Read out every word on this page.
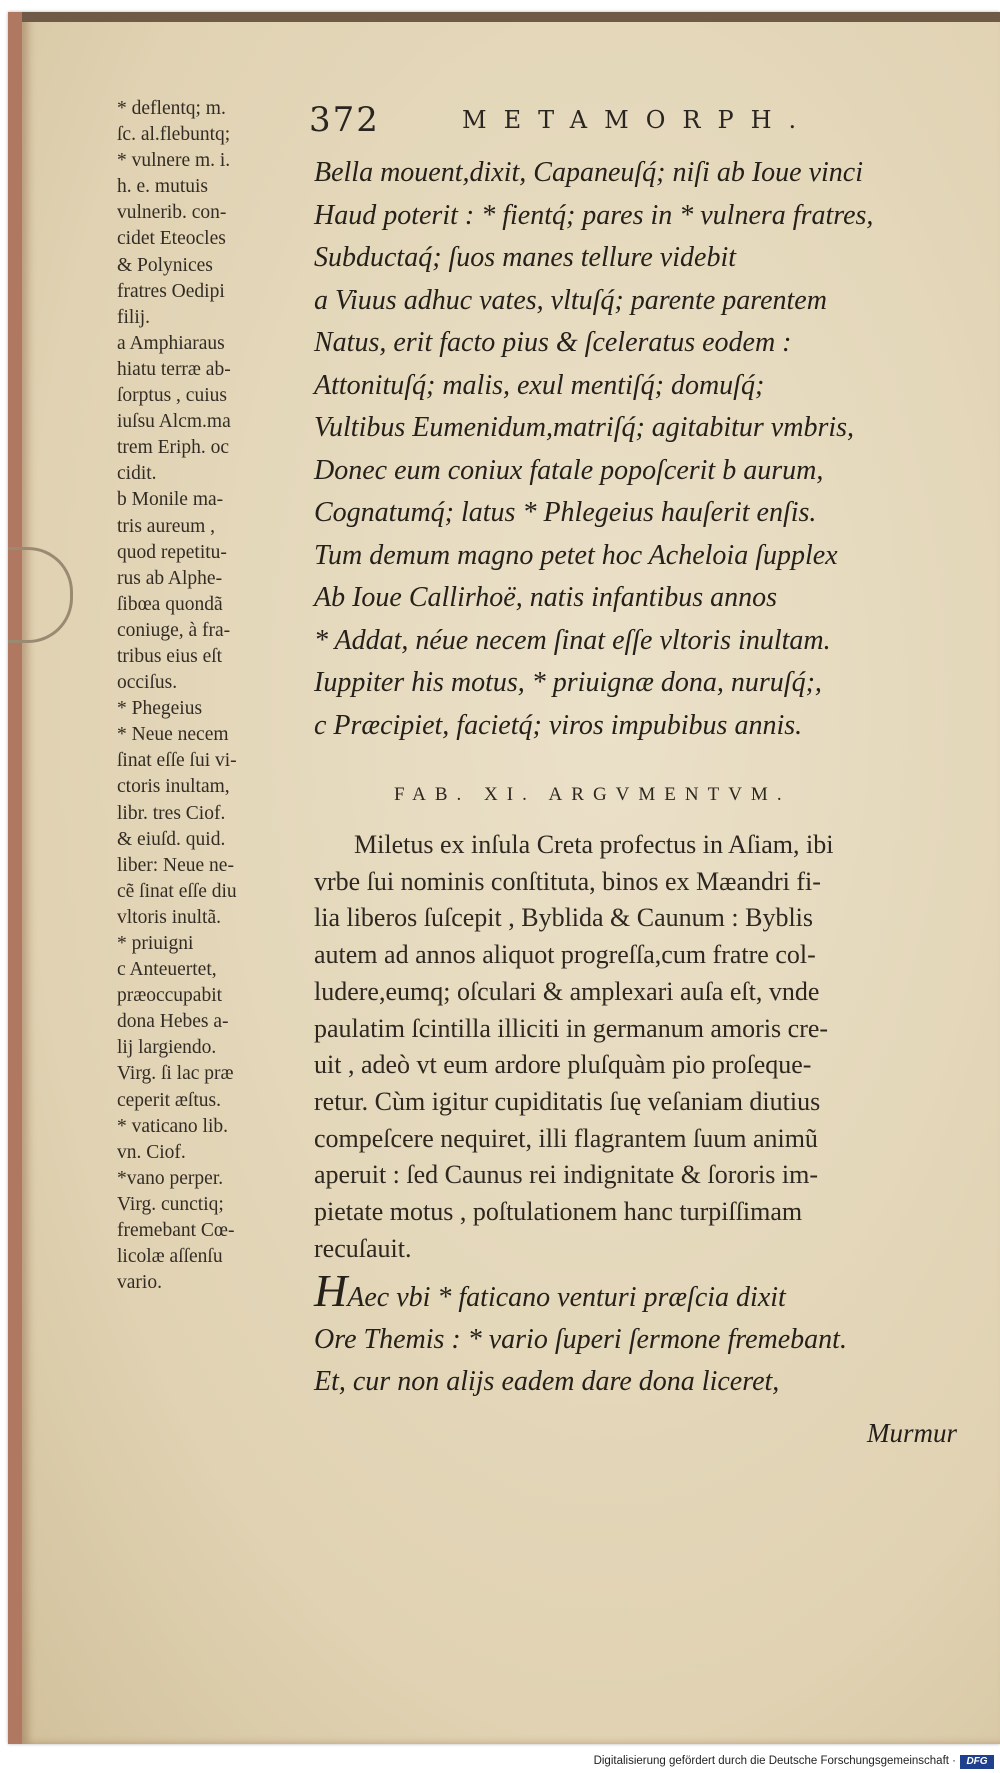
372	METAMORPH.
* deflentq; m.
ſc. al.flebuntq;
* vulnere m. i.
h. e. mutuis
vulnerib. con-
cidet Eteocles
& Polynices
fratres Oedipi
filij.
a Amphiaraus
hiatu terræ ab-
ſorptus , cuius
iuſsu Alcm.ma
trem Eriph. oc
cidit.
b Monile ma-
tris aureum ,
quod repetitu-
rus ab Alphe-
ſibœa quondã
coniuge, à fra-
tribus eius eſt
occiſus.
* Phegeius
* Neue necem
ſinat eſſe ſui vi-
ctoris inultam,
libr. tres Ciof.
& eiuſd. quid.
liber: Neue ne-
cẽ ſinat eſſe diu
vltoris inultã.
* priuigni
c Anteuertet,
præoccupabit
dona Hebes a-
lij largiendo.
Virg. ſi lac præ
ceperit æſtus.
* vaticano lib.
vn. Ciof.
*vano perper.
Virg. cunctiq;
fremebant Cœ-
licolæ aſſenſu
vario.
Bella mouent,dixit, Capaneuſq́; niſi ab Ioue vinci
Haud poterit : * fientq́; pares in * vulnera fratres,
Subductaq́; ſuos manes tellure videbit
a Viuus adhuc vates, vltuſq́; parente parentem
Natus, erit facto pius & ſceleratus eodem :
Attonituſq́; malis, exul mentiſq́; domuſq́;
Vultibus Eumenidum,matriſq́; agitabitur vmbris,
Donec eum coniux fatale popoſcerit b aurum,
Cognatumq́; latus * Phlegeius hauſerit enſis.
Tum demum magno petet hoc Acheloia ſupplex
Ab Ioue Callirhoë, natis infantibus annos
* Addat, néue necem ſinat eſſe vltoris inultam.
Iuppiter his motus, * priuignæ dona, nuruſq́;,
c Præcipiet, facietq́; viros impubibus annis.
FAB. XI. ARGVMENTVM.
Miletus ex inſula Creta profectus in Aſiam, ibi
vrbe ſui nominis conſtituta, binos ex Mæandri fi-
lia liberos ſuſcepit , Byblida & Caunum : Byblis
autem ad annos aliquot progreſſa,cum fratre col-
ludere,eumq; oſculari & amplexari auſa eſt, vnde
paulatim ſcintilla illiciti in germanum amoris cre-
uit , adeò vt eum ardore pluſquàm pio proſeque-
retur. Cùm igitur cupiditatis ſuę veſaniam diutius
compeſcere nequiret, illi flagrantem ſuum animũ
aperuit : ſed Caunus rei indignitate & ſororis im-
pietate motus , poſtulationem hanc turpiſſimam
recuſauit.
HAec vbi * faticano venturi præſcia dixit
Ore Themis : * vario ſuperi ſermone fremebant.
Et, cur non alijs eadem dare dona liceret,
Murmur
Digitalisierung gefördert durch die Deutsche Forschungsgemeinschaft ·	DFG
